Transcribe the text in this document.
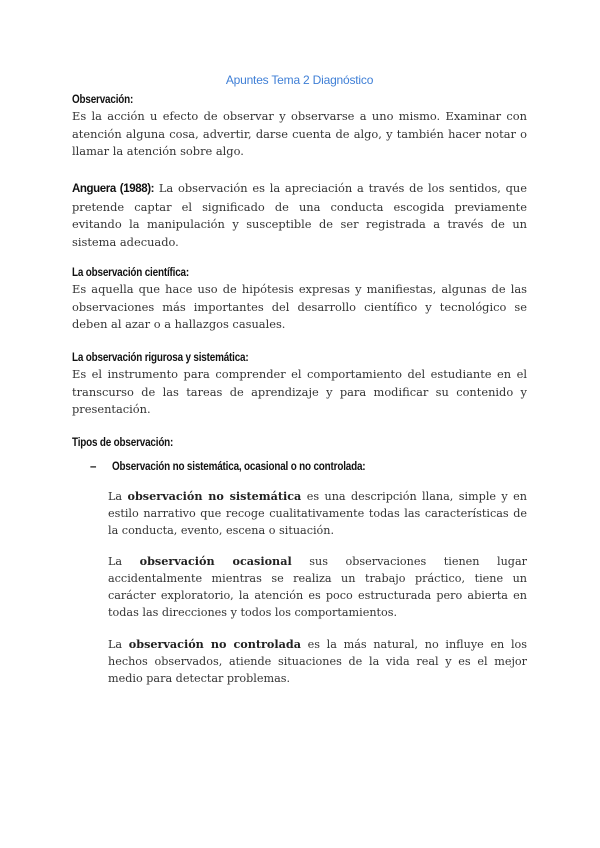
Apuntes Tema 2 Diagnóstico
Observación:

Es la acción u efecto de observar y observarse a uno mismo. Examinar con atención alguna cosa, advertir, darse cuenta de algo, y también hacer notar o llamar la atención sobre algo.

Anguera (1988): La observación es la apreciación a través de los sentidos, que pretende captar el significado de una conducta escogida previamente evitando la manipulación y susceptible de ser registrada a través de un sistema adecuado.

La observación científica:

Es aquella que hace uso de hipótesis expresas y manifiestas, algunas de las observaciones más importantes del desarrollo científico y tecnológico se deben al azar o a hallazgos casuales.

La observación rigurosa y sistemática:

Es el instrumento para comprender el comportamiento del estudiante en el transcurso de las tareas de aprendizaje y para modificar su contenido y presentación.

Tipos de observación:
– Observación no sistemática, ocasional o no controlada:

La observación no sistemática es una descripción llana, simple y en estilo narrativo que recoge cualitativamente todas las características de la conducta, evento, escena o situación.

La observación ocasional sus observaciones tienen lugar accidentalmente mientras se realiza un trabajo práctico, tiene un carácter exploratorio, la atención es poco estructurada pero abierta en todas las direcciones y todos los comportamientos.

La observación no controlada es la más natural, no influye en los hechos observados, atiende situaciones de la vida real y es el mejor medio para detectar problemas.
